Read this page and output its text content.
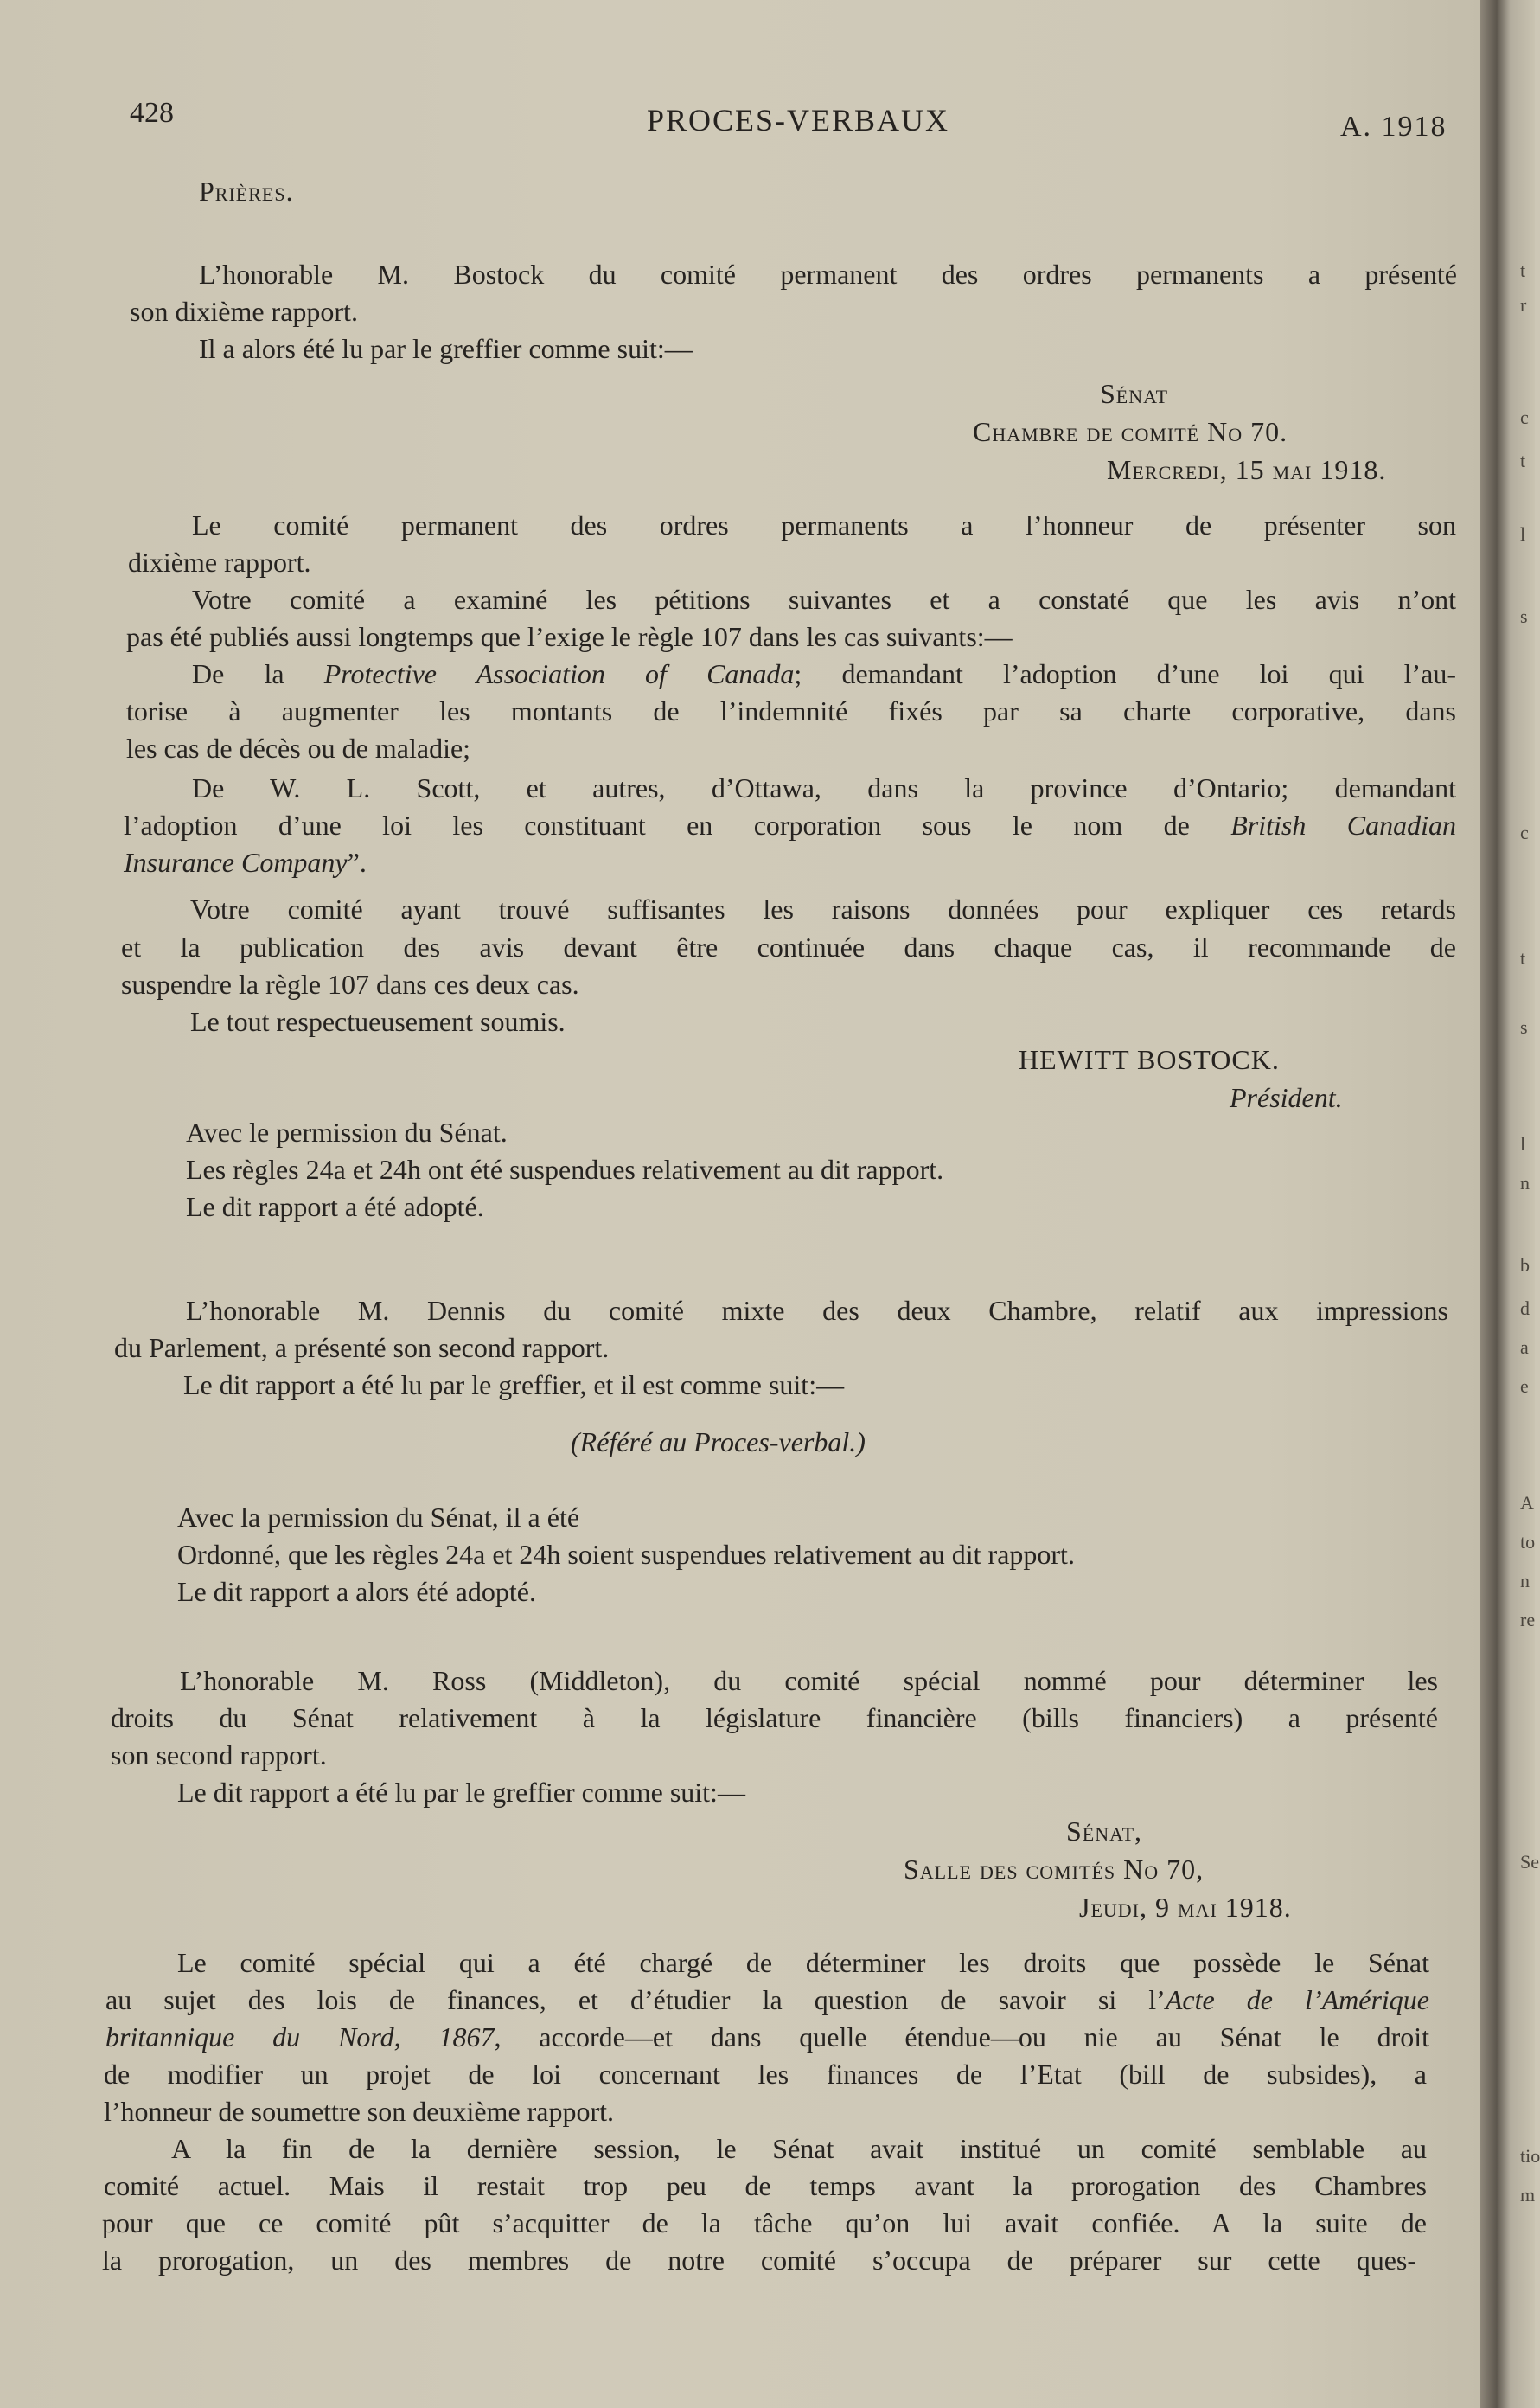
t
r
c
t
l
s
c
t
s
l
n
b
d
a
e
A
to
n
re
Se
tio
m
428	PROCES-VERBAUX	A. 1918
Prières.
L’honorable M. Bostock du comité permanent des ordres permanents a présenté
son dixième rapport.
Il a alors été lu par le greffier comme suit:—
Sénat
Chambre de comité No 70.
Mercredi, 15 mai 1918.
Le comité permanent des ordres permanents a l’honneur de présenter son
dixième rapport.
Votre comité a examiné les pétitions suivantes et a constaté que les avis n’ont
pas été publiés aussi longtemps que l’exige le règle 107 dans les cas suivants:—
De la Protective Association of Canada; demandant l’adoption d’une loi qui l’au-
torise à augmenter les montants de l’indemnité fixés par sa charte corporative, dans
les cas de décès ou de maladie;
De W. L. Scott, et autres, d’Ottawa, dans la province d’Ontario; demandant
l’adoption d’une loi les constituant en corporation sous le nom de British Canadian
Insurance Company”.
Votre comité ayant trouvé suffisantes les raisons données pour expliquer ces retards
et la publication des avis devant être continuée dans chaque cas, il recommande de
suspendre la règle 107 dans ces deux cas.
Le tout respectueusement soumis.
HEWITT BOSTOCK.
Président.
Avec le permission du Sénat.
Les règles 24a et 24h ont été suspendues relativement au dit rapport.
Le dit rapport a été adopté.
L’honorable M. Dennis du comité mixte des deux Chambre, relatif aux impressions
du Parlement, a présenté son second rapport.
Le dit rapport a été lu par le greffier, et il est comme suit:—
(Référé au Proces-verbal.)
Avec la permission du Sénat, il a été
Ordonné, que les règles 24a et 24h soient suspendues relativement au dit rapport.
Le dit rapport a alors été adopté.
L’honorable M. Ross (Middleton), du comité spécial nommé pour déterminer les
droits du Sénat relativement à la législature financière (bills financiers) a présenté
son second rapport.
Le dit rapport a été lu par le greffier comme suit:—
Sénat,
Salle des comités No 70,
Jeudi, 9 mai 1918.
Le comité spécial qui a été chargé de déterminer les droits que possède le Sénat
au sujet des lois de finances, et d’étudier la question de savoir si l’Acte de l’Amérique
britannique du Nord, 1867, accorde—et dans quelle étendue—ou nie au Sénat le droit
de modifier un projet de loi concernant les finances de l’Etat (bill de subsides), a
l’honneur de soumettre son deuxième rapport.
A la fin de la dernière session, le Sénat avait institué un comité semblable au
comité actuel. Mais il restait trop peu de temps avant la prorogation des Chambres
pour que ce comité pût s’acquitter de la tâche qu’on lui avait confiée. A la suite de
la prorogation, un des membres de notre comité s’occupa de préparer sur cette ques-
